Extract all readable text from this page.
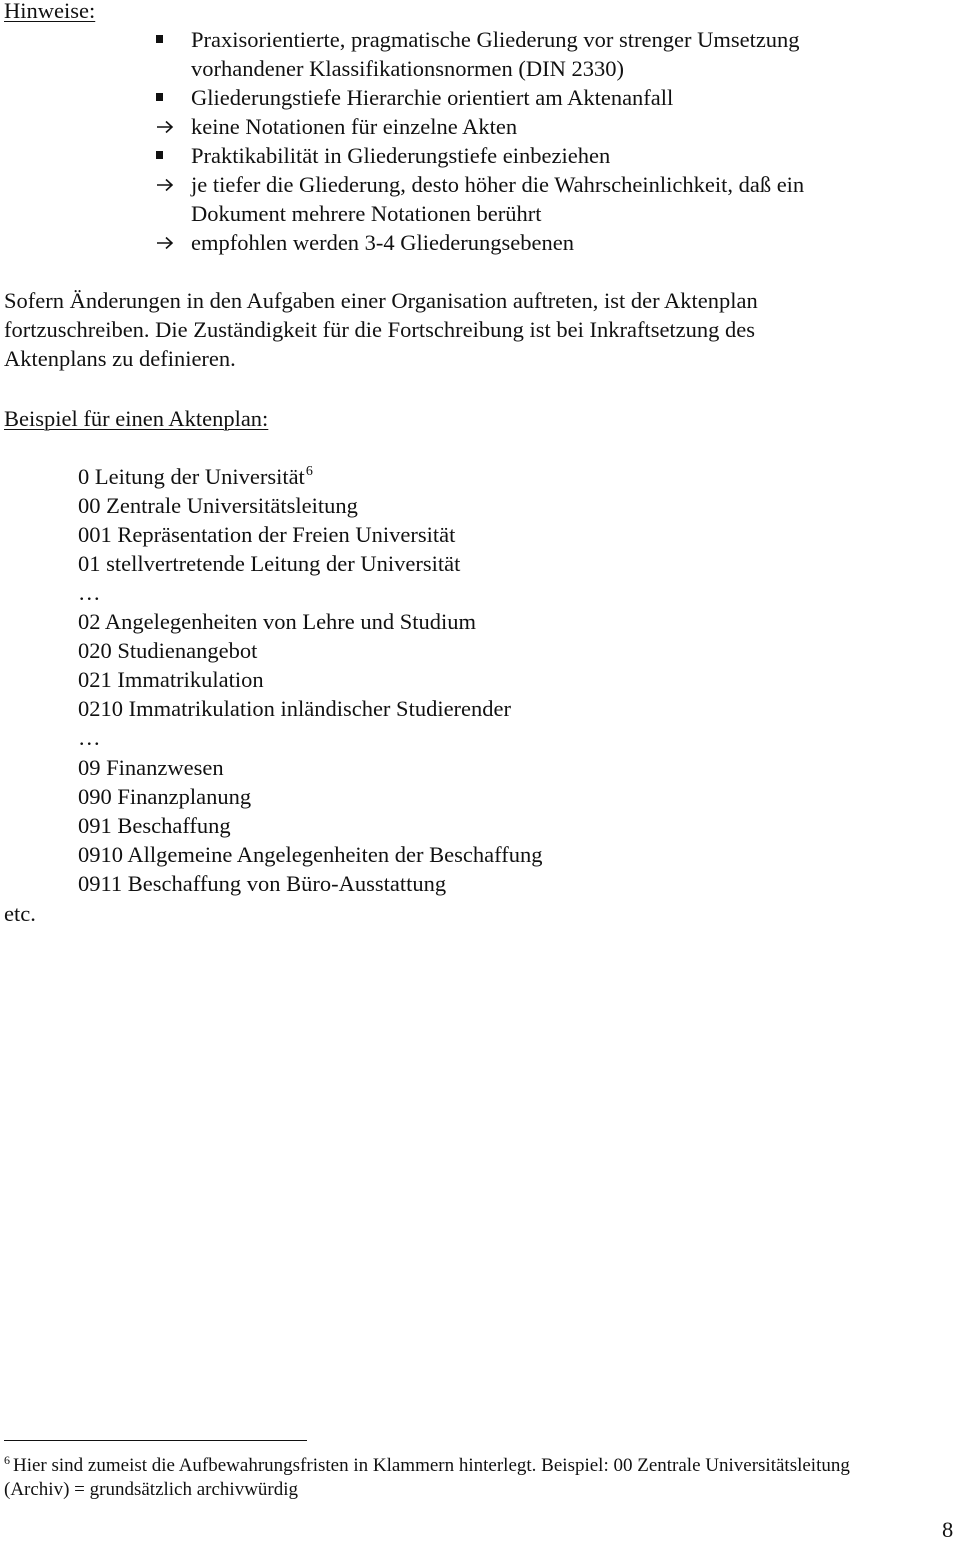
Hinweise:
Praxisorientierte, pragmatische Gliederung vor strenger Umsetzung
vorhandener Klassifikationsnormen (DIN 2330)
Gliederungstiefe Hierarchie orientiert am Aktenanfall
keine Notationen für einzelne Akten
Praktikabilität in Gliederungstiefe einbeziehen
je tiefer die Gliederung, desto höher die Wahrscheinlichkeit, daß ein
Dokument mehrere Notationen berührt
empfohlen werden 3-4 Gliederungsebenen
Sofern Änderungen in den Aufgaben einer Organisation auftreten, ist der Aktenplan
fortzuschreiben. Die Zuständigkeit für die Fortschreibung ist bei Inkraftsetzung des
Aktenplans zu definieren.
Beispiel für einen Aktenplan:
0 Leitung der Universität$^6$
00 Zentrale Universitätsleitung
001 Repräsentation der Freien Universität
01 stellvertretende Leitung der Universität
…
02 Angelegenheiten von Lehre und Studium
020 Studienangebot
021 Immatrikulation
0210 Immatrikulation inländischer Studierender
…
09 Finanzwesen
090 Finanzplanung
091 Beschaffung
0910 Allgemeine Angelegenheiten der Beschaffung
0911 Beschaffung von Büro-Ausstattung
etc.
$^6$ Hier sind zumeist die Aufbewahrungsfristen in Klammern hinterlegt. Beispiel: 00 Zentrale Universitätsleitung
(Archiv) = grundsätzlich archivwürdig
8
